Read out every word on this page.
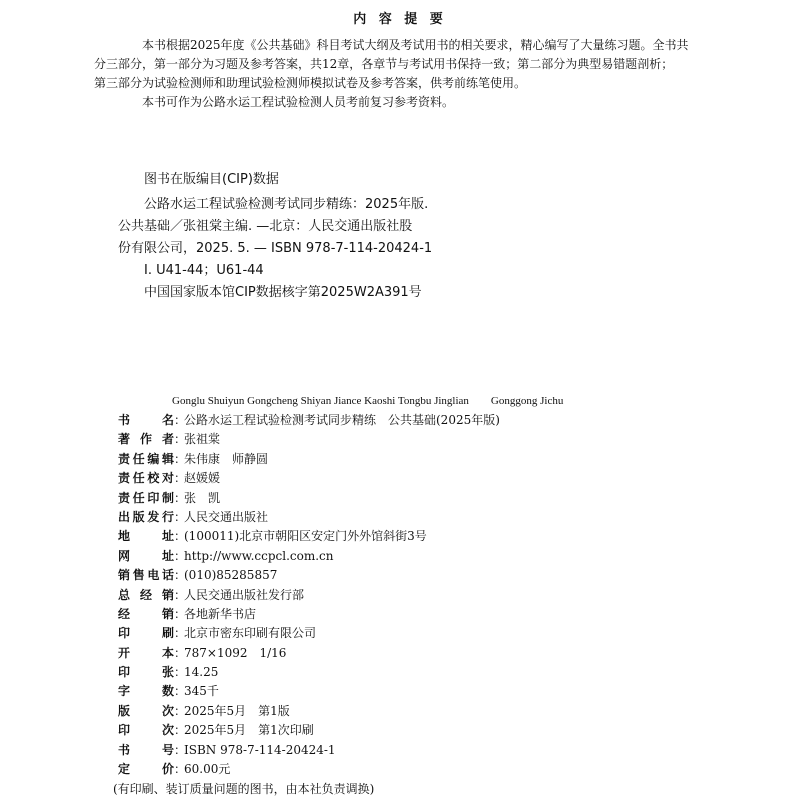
内 容 提 要

本书根据2025年度《公共基础》科目考试大纲及考试用书的相关要求，精心编写了大量练习题。全书共
分三部分，第一部分为习题及参考答案，共12章，各章节与考试用书保持一致；第二部分为典型易错题剖析；
第三部分为试验检测师和助理试验检测师模拟试卷及参考答案，供考前练笔使用。

本书可作为公路水运工程试验检测人员考前复习参考资料。

图书在版编目(CIP)数据
公路水运工程试验检测考试同步精练：2025年版.
公共基础／张祖棠主编. —北京：人民交通出版社股
份有限公司，2025. 5. — ISBN 978-7-114-20424-1
Ⅰ. U41-44；U61-44
中国国家版本馆CIP数据核字第2025W2A391号
Gonglu Shuiyun Gongcheng Shiyan Jiance Kaoshi Tongbu Jinglian　　Gonggong Jichu
书	名 ：
公路水运工程试验检测考试同步精练　公共基础(2025年版)
著 作 者 ：
张祖棠
责 任 编 辑 ：
朱伟康　师静圆
责 任 校 对 ：
赵媛媛
责 任 印 制 ：
张　凯
出 版 发 行 ：
人民交通出版社
地	址 ：
(100011)北京市朝阳区安定门外外馆斜街3号
网	址 ：
http://www.ccpcl.com.cn
销 售 电 话 ：
(010)85285857
总 经 销 ：
人民交通出版社发行部
经	销 ：
各地新华书店
印	刷 ：
北京市密东印刷有限公司
开	本 ：
787×1092　1/16
印	张 ：
14.25
字	数 ：
345千
版	次 ：
2025年5月　第1版
印	次 ：
2025年5月　第1次印刷
书	号 ：
ISBN 978-7-114-20424-1
定	价 ：
60.00元
(有印刷、装订质量问题的图书，由本社负责调换)
